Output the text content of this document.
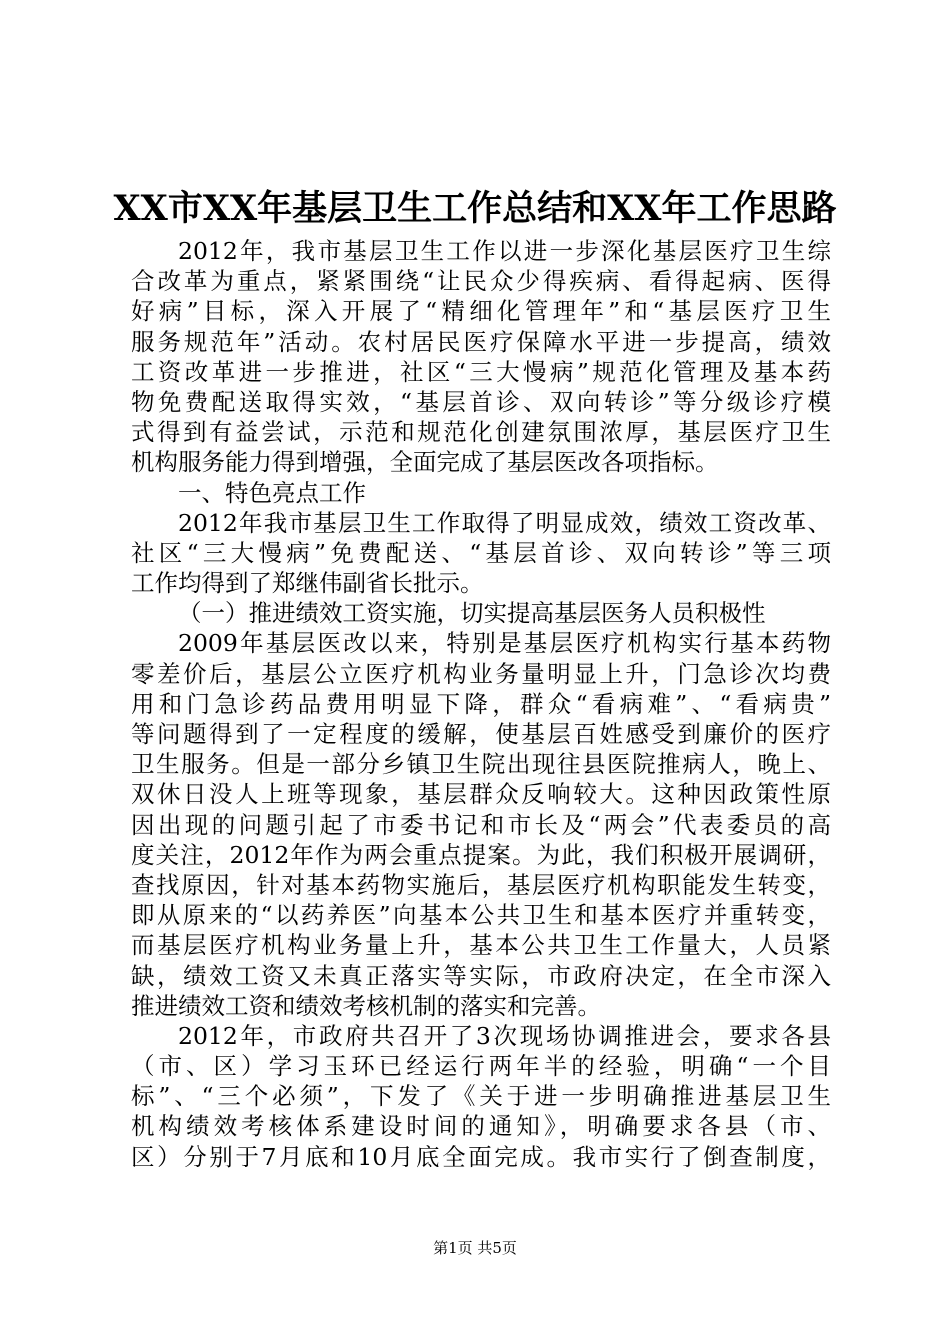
XX市XX年基层卫生工作总结和XX年工作思路
2012年，我市基层卫生工作以进一步深化基层医疗卫生综
合改革为重点，紧紧围绕“让民众少得疾病、看得起病、医得
好病”目标，深入开展了“精细化管理年”和“基层医疗卫生
服务规范年”活动。农村居民医疗保障水平进一步提高，绩效
工资改革进一步推进，社区“三大慢病”规范化管理及基本药
物免费配送取得实效，“基层首诊、双向转诊”等分级诊疗模
式得到有益尝试，示范和规范化创建氛围浓厚，基层医疗卫生
机构服务能力得到增强，全面完成了基层医改各项指标。
一、特色亮点工作
2012年我市基层卫生工作取得了明显成效，绩效工资改革、
社区“三大慢病”免费配送、“基层首诊、双向转诊”等三项
工作均得到了郑继伟副省长批示。
（一）推进绩效工资实施，切实提高基层医务人员积极性
2009年基层医改以来，特别是基层医疗机构实行基本药物
零差价后，基层公立医疗机构业务量明显上升，门急诊次均费
用和门急诊药品费用明显下降，群众“看病难”、“看病贵”
等问题得到了一定程度的缓解，使基层百姓感受到廉价的医疗
卫生服务。但是一部分乡镇卫生院出现往县医院推病人，晚上、
双休日没人上班等现象，基层群众反响较大。这种因政策性原
因出现的问题引起了市委书记和市长及“两会”代表委员的高
度关注，2012年作为两会重点提案。为此，我们积极开展调研，
查找原因，针对基本药物实施后，基层医疗机构职能发生转变，
即从原来的“以药养医”向基本公共卫生和基本医疗并重转变，
而基层医疗机构业务量上升，基本公共卫生工作量大，人员紧
缺，绩效工资又未真正落实等实际，市政府决定，在全市深入
推进绩效工资和绩效考核机制的落实和完善。
2012年，市政府共召开了3次现场协调推进会，要求各县
（市、区）学习玉环已经运行两年半的经验，明确“一个目
标”、“三个必须”，下发了《关于进一步明确推进基层卫生
机构绩效考核体系建设时间的通知》，明确要求各县（市、
区）分别于7月底和10月底全面完成。我市实行了倒查制度，
第1页 共5页
